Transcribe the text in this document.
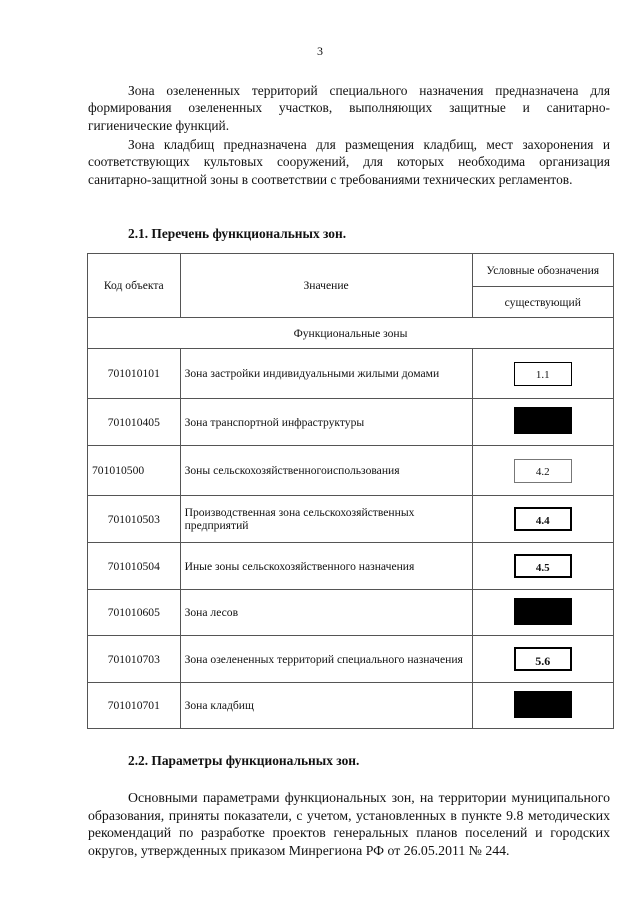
3
Зона озелененных территорий специального назначения предназначена для формирования озелененных участков, выполняющих защитные и санитарно-гигиенические функций.
Зона кладбищ предназначена для размещения кладбищ, мест захоронения и соответствующих культовых сооружений, для которых необходима организация санитарно-защитной зоны в соответствии с требованиями технических регламентов.
2.1. Перечень функциональных зон.
Код объекта	Значение	Условные обозначения
		существующий
Функциональные зоны		
701010101	Зона застройки индивидуальными жилыми домами	1.1
701010405	Зона транспортной инфраструктуры	
701010500	Зоны сельскохозяйственногоиспользования	4.2
701010503	Производственная зона сельскохозяйственных предприятий	4.4
701010504	Иные зоны сельскохозяйственного назначения	4.5
701010605	Зона лесов	
701010703	Зона озелененных территорий специального назначения	5.6
701010701	Зона кладбищ	
2.2. Параметры функциональных зон.
Основными параметрами функциональных зон, на территории муниципального образования, приняты показатели, с учетом, установленных в пункте 9.8 методических рекомендаций по разработке проектов генеральных планов поселений и городских округов, утвержденных приказом Минрегиона РФ от 26.05.2011 № 244.
